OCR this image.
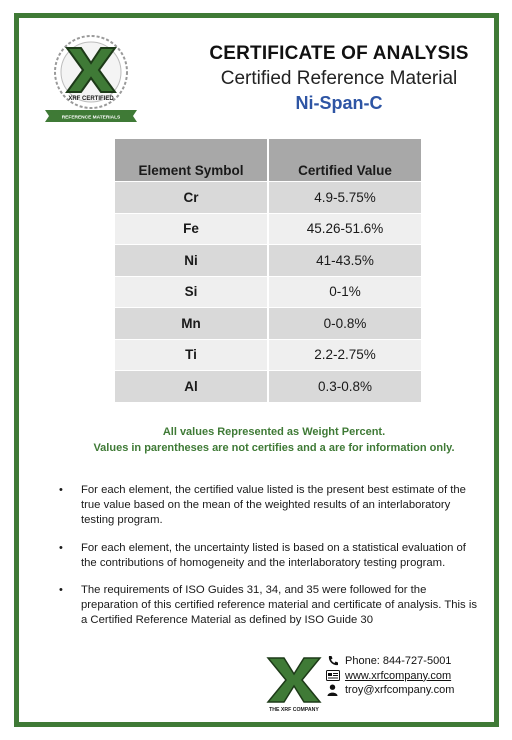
XRF CERTIFIED
REFERENCE MATERIALS
CERTIFICATE OF ANALYSIS
Certified Reference Material
Ni-Span-C
Element Symbol	Certified Value
Cr	4.9-5.75%
Fe	45.26-51.6%
Ni	41-43.5%
Si	0-1%
Mn	0-0.8%
Ti	2.2-2.75%
Al	0.3-0.8%
All values Represented as Weight Percent.
Values in parentheses are not certifies and a are for information only.
•	For each element, the certified value listed is the present best estimate of the true value based on the mean of the weighted results of an interlaboratory testing program.
•	For each element, the uncertainty listed is based on a statistical evaluation of the contributions of homogeneity and the interlaboratory testing program.
•	The requirements of ISO Guides 31, 34, and 35 were followed for the preparation of this certified reference material and certificate of analysis. This is a Certified Reference Material as defined by ISO Guide 30
THE XRF COMPANY
Phone: 844-727-5001
www.xrfcompany.com
troy@xrfcompany.com
